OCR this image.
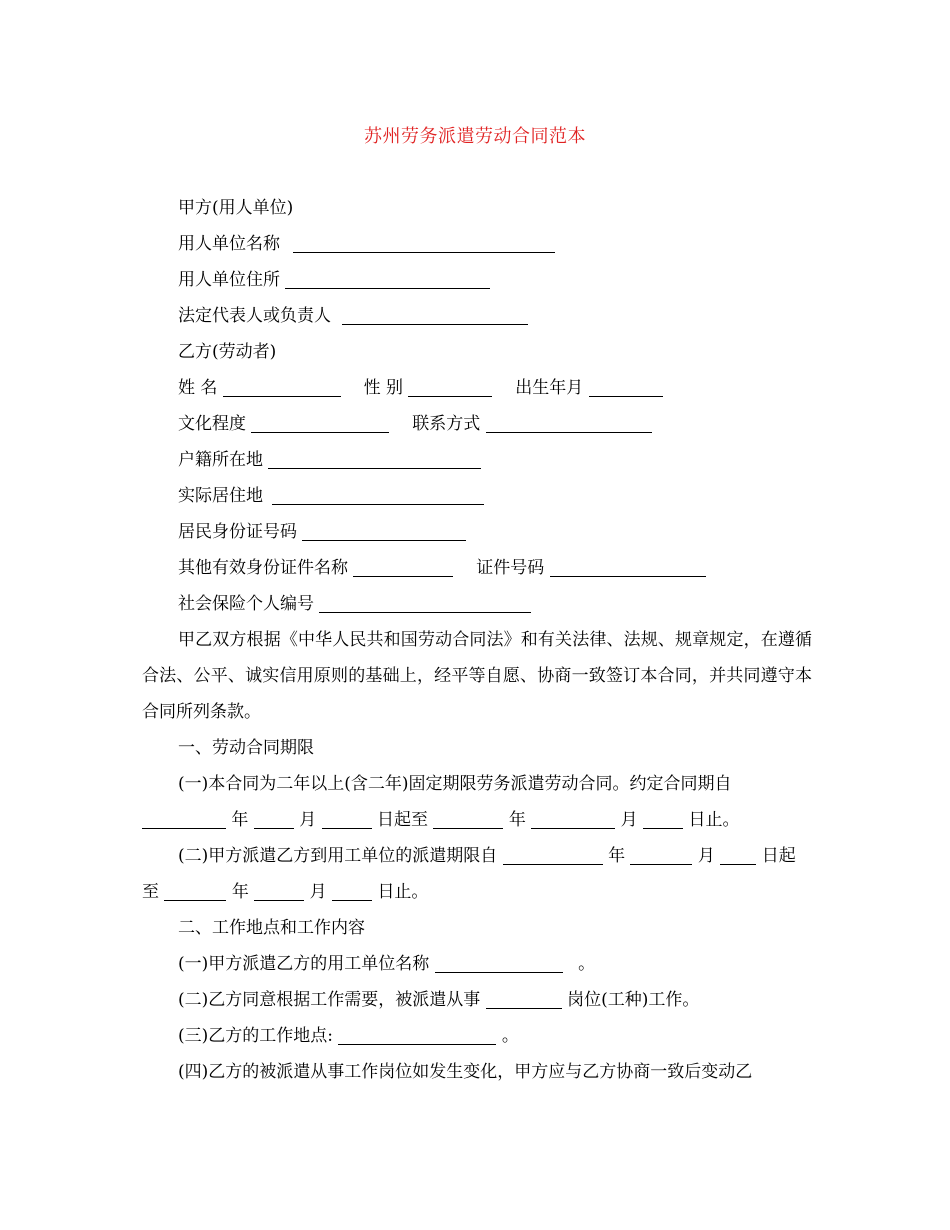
苏州劳务派遣劳动合同范本
甲方(用人单位)
用人单位名称
用人单位住所
法定代表人或负责人
乙方(劳动者)
姓 名	性 别	出生年月
文化程度	联系方式
户籍所在地
实际居住地
居民身份证号码
其他有效身份证件名称	证件号码
社会保险个人编号
甲乙双方根据《中华人民共和国劳动合同法》和有关法律、法规、规章规定，在遵循合法、公平、诚实信用原则的基础上，经平等自愿、协商一致签订本合同，并共同遵守本合同所列条款。
一、劳动合同期限
(一)本合同为二年以上(含二年)固定期限劳务派遣劳动合同。约定合同期自
年	月	日起至	年	月	日止。
(二)甲方派遣乙方到用工单位的派遣期限自	年	月	日起
至	年	月	日止。
二、工作地点和工作内容
(一)甲方派遣乙方的用工单位名称	。
(二)乙方同意根据工作需要，被派遣从事	岗位(工种)工作。
(三)乙方的工作地点:	。
(四)乙方的被派遣从事工作岗位如发生变化，甲方应与乙方协商一致后变动乙
